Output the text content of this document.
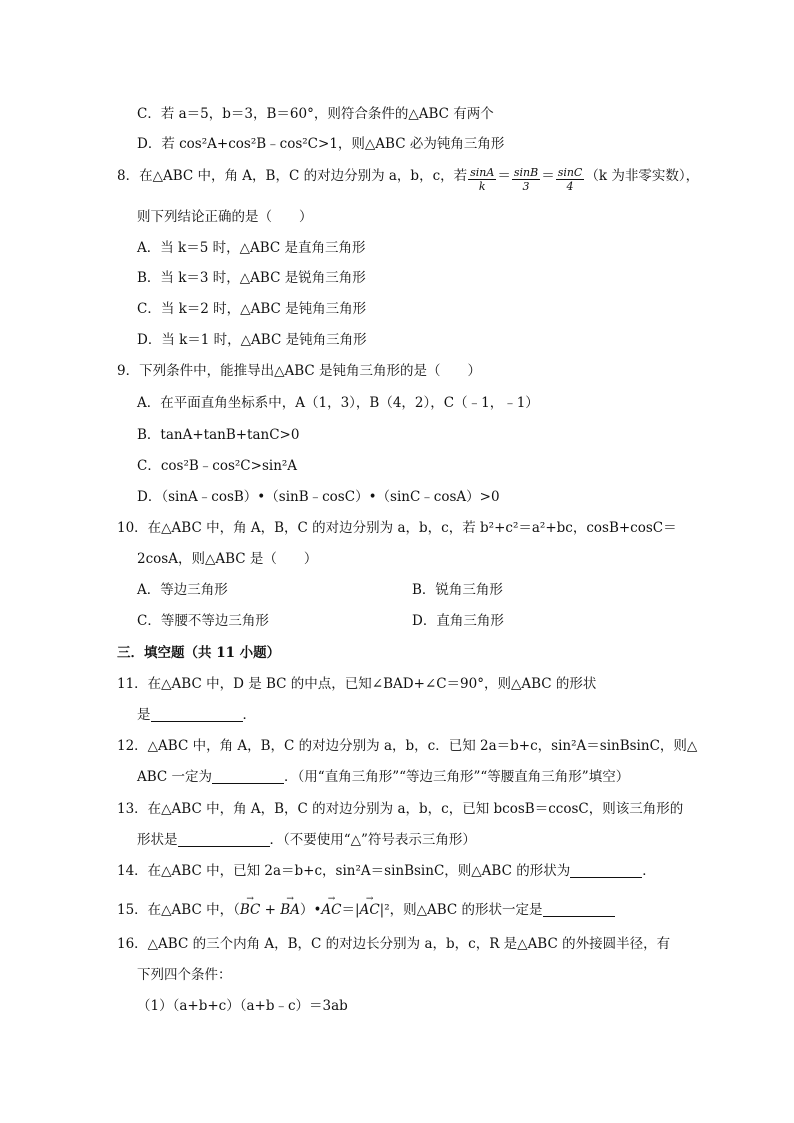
C．若 a＝5，b＝3，B＝60°，则符合条件的△ABC 有两个
D．若 cos²A+cos²B﹣cos²C>1，则△ABC 必为钝角三角形
8．在△ABC 中，角 A，B，C 的对边分别为 a，b，c，若 $\frac{\sin A}{k} = \frac{\sin B}{3} = \frac{\sin C}{4} (k$ 为非零实数），
则下列结论正确的是（　　）
A．当 k＝5 时，△ABC 是直角三角形
B．当 k＝3 时，△ABC 是锐角三角形
C．当 k＝2 时，△ABC 是钝角三角形
D．当 k＝1 时，△ABC 是钝角三角形
9．下列条件中，能推导出△ABC 是钝角三角形的是（　　）
A．在平面直角坐标系中，A（1，3），B（4，2），C（﹣1，﹣1）
B．tanA+tanB+tanC>0
C．cos²B﹣cos²C>sin²A
D．（sinA﹣cosB）•（sinB﹣cosC）•（sinC﹣cosA）>0
10．在△ABC 中，角 A，B，C 的对边分别为 a，b，c，若 b²+c²＝a²+bc，cosB+cosC＝
2cosA，则△ABC 是（　　）
A．等边三角形	B．锐角三角形
C．等腰不等边三角形	D．直角三角形
三．填空题（共 11 小题）
11．在△ABC 中，D 是 BC 的中点，已知∠BAD+∠C＝90°，则△ABC 的形状
是	．
12．△ABC 中，角 A，B，C 的对边分别为 a，b，c．已知 2a＝b+c，sin²A＝sinBsinC，则△
ABC 一定为	．（用“直角三角形”“等边三角形”“等腰直角三角形”填空）
13．在△ABC 中，角 A，B，C 的对边分别为 a，b，c，已知 bcosB＝ccosC，则该三角形的
形状是	．（不要使用“△”符号表示三角形）
14．在△ABC 中，已知 2a＝b+c，sin²A＝sinBsinC，则△ABC 的形状为	．
15．在△ABC 中，（→ BC + → BA）•→ AC＝|→ AC|²，则△ABC 的形状一定是
16．△ABC 的三个内角 A，B，C 的对边长分别为 a，b，c，R 是△ABC 的外接圆半径，有
下列四个条件：
（1）（a+b+c）（a+b﹣c）＝3ab
